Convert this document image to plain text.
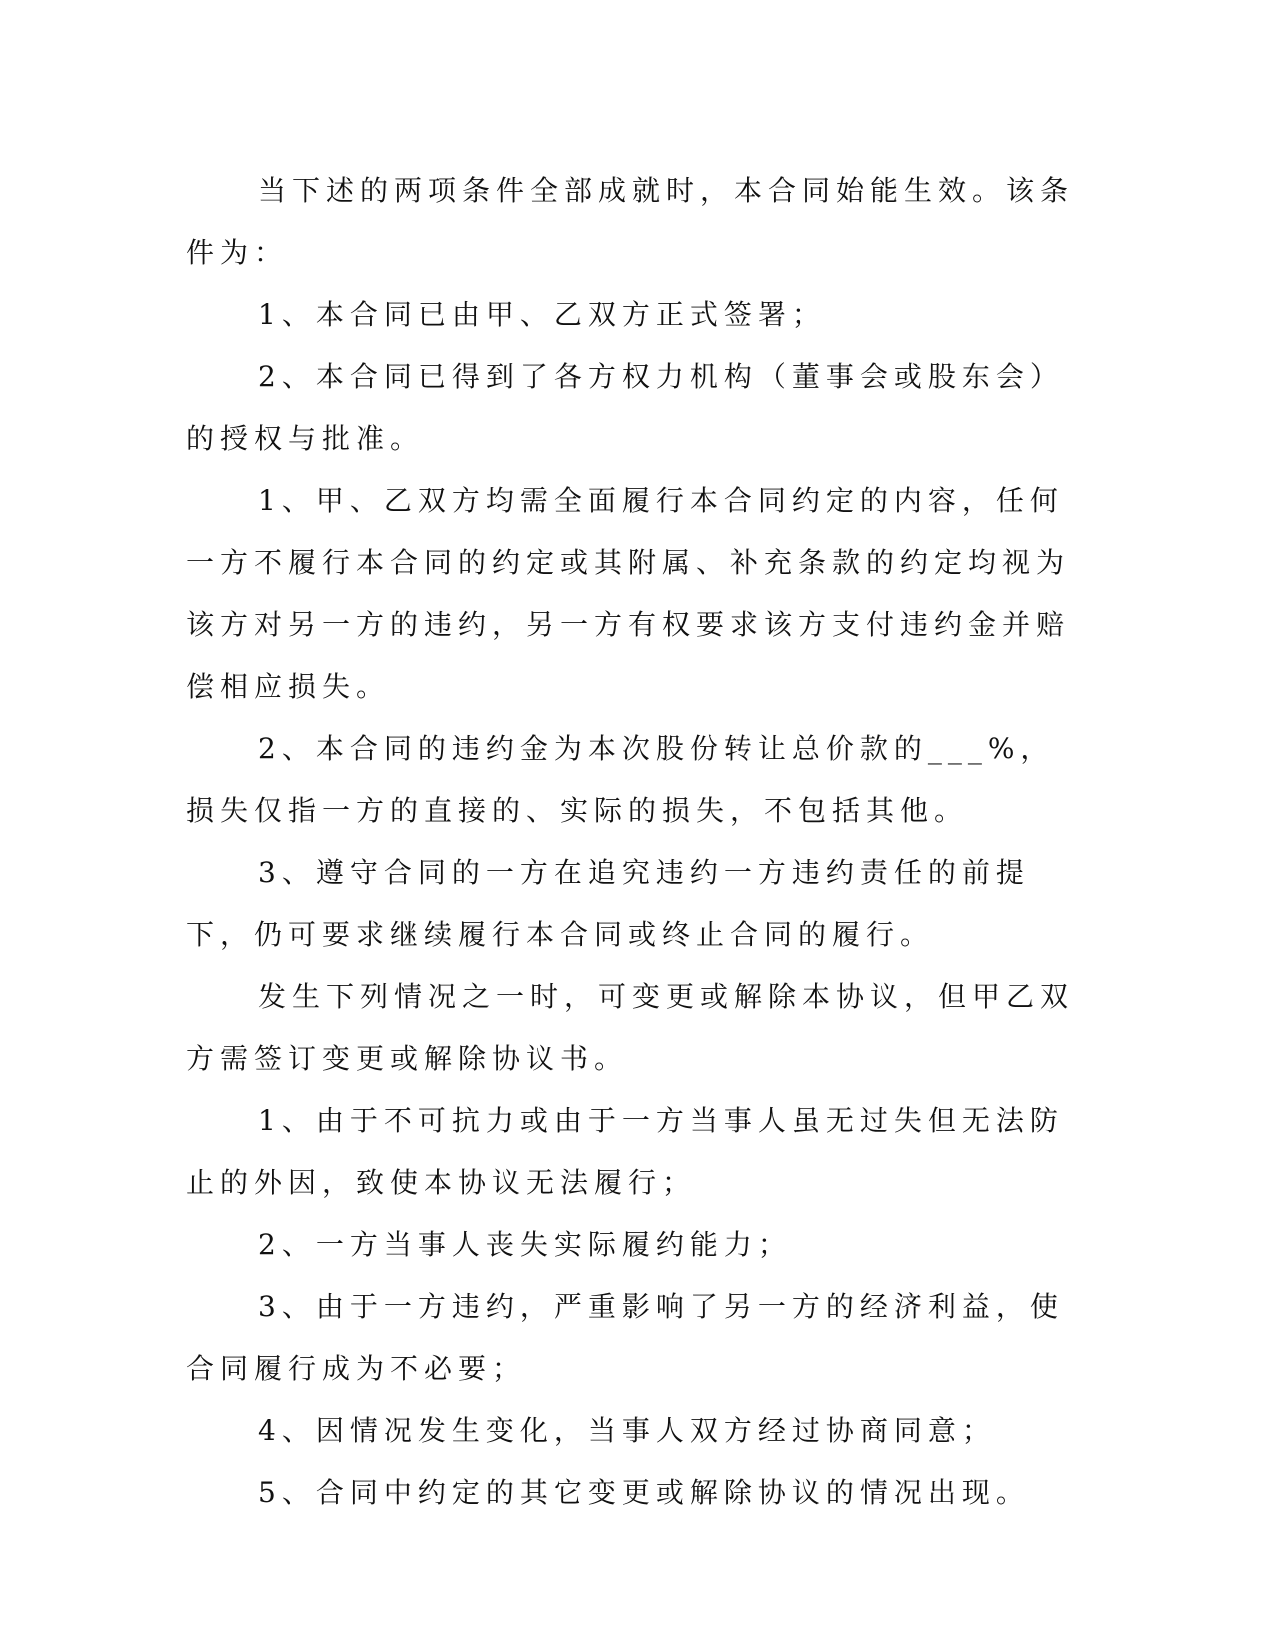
当下述的两项条件全部成就时，本合同始能生效。该条件为：

1、本合同已由甲、乙双方正式签署；

2、本合同已得到了各方权力机构（董事会或股东会）的授权与批准。

1、甲、乙双方均需全面履行本合同约定的内容，任何一方不履行本合同的约定或其附属、补充条款的约定均视为该方对另一方的违约，另一方有权要求该方支付违约金并赔偿相应损失。

2、本合同的违约金为本次股份转让总价款的___%，损失仅指一方的直接的、实际的损失，不包括其他。

3、遵守合同的一方在追究违约一方违约责任的前提下，仍可要求继续履行本合同或终止合同的履行。

发生下列情况之一时，可变更或解除本协议，但甲乙双方需签订变更或解除协议书。

1、由于不可抗力或由于一方当事人虽无过失但无法防止的外因，致使本协议无法履行；

2、一方当事人丧失实际履约能力；

3、由于一方违约，严重影响了另一方的经济利益，使合同履行成为不必要；

4、因情况发生变化，当事人双方经过协商同意；

5、合同中约定的其它变更或解除协议的情况出现。
